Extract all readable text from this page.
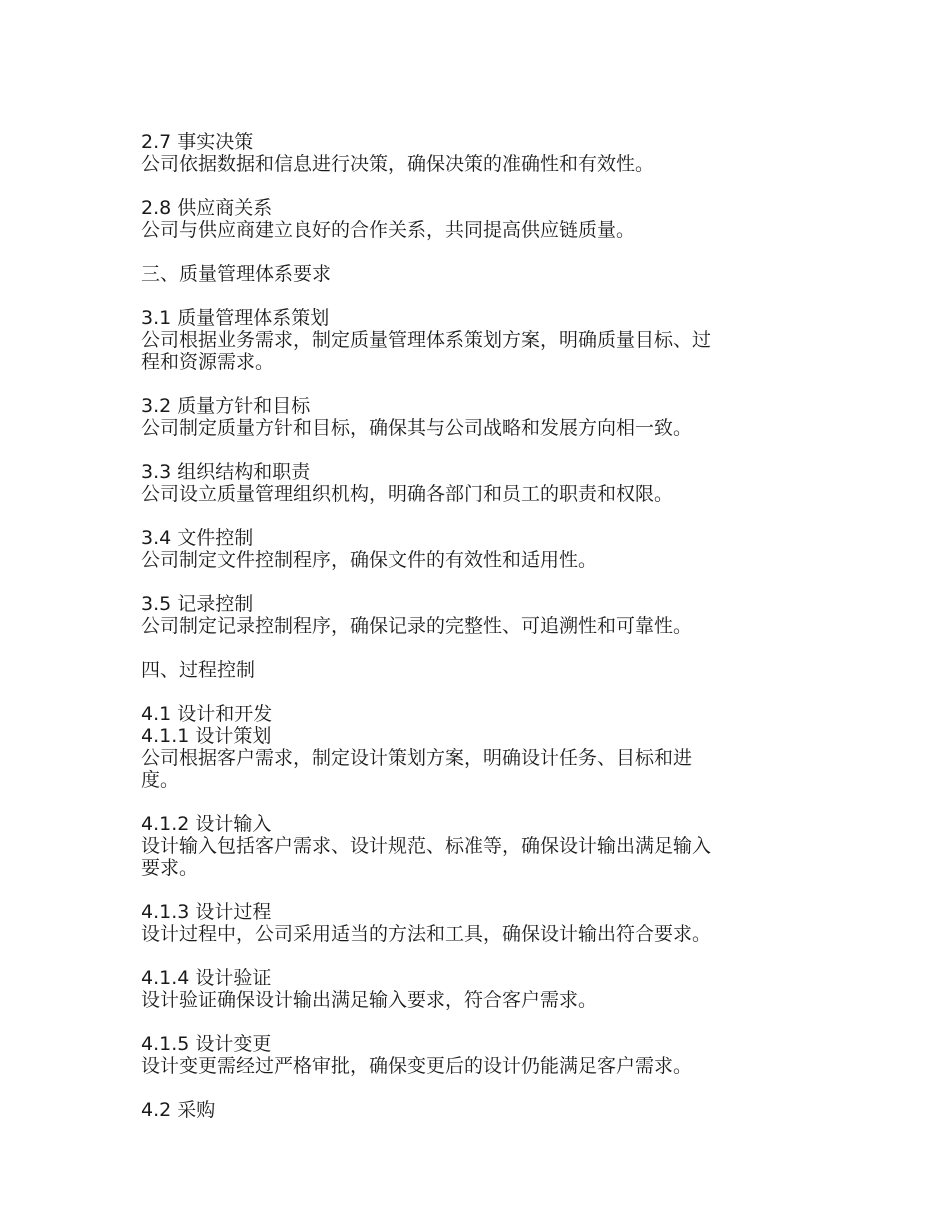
2.7 事实决策
公司依据数据和信息进行决策，确保决策的准确性和有效性。
2.8 供应商关系
公司与供应商建立良好的合作关系，共同提高供应链质量。
三、质量管理体系要求
3.1 质量管理体系策划
公司根据业务需求，制定质量管理体系策划方案，明确质量目标、过
程和资源需求。
3.2 质量方针和目标
公司制定质量方针和目标，确保其与公司战略和发展方向相一致。
3.3 组织结构和职责
公司设立质量管理组织机构，明确各部门和员工的职责和权限。
3.4 文件控制
公司制定文件控制程序，确保文件的有效性和适用性。
3.5 记录控制
公司制定记录控制程序，确保记录的完整性、可追溯性和可靠性。
四、过程控制
4.1 设计和开发
4.1.1 设计策划
公司根据客户需求，制定设计策划方案，明确设计任务、目标和进
度。
4.1.2 设计输入
设计输入包括客户需求、设计规范、标准等，确保设计输出满足输入
要求。
4.1.3 设计过程
设计过程中，公司采用适当的方法和工具，确保设计输出符合要求。
4.1.4 设计验证
设计验证确保设计输出满足输入要求，符合客户需求。
4.1.5 设计变更
设计变更需经过严格审批，确保变更后的设计仍能满足客户需求。
4.2 采购
